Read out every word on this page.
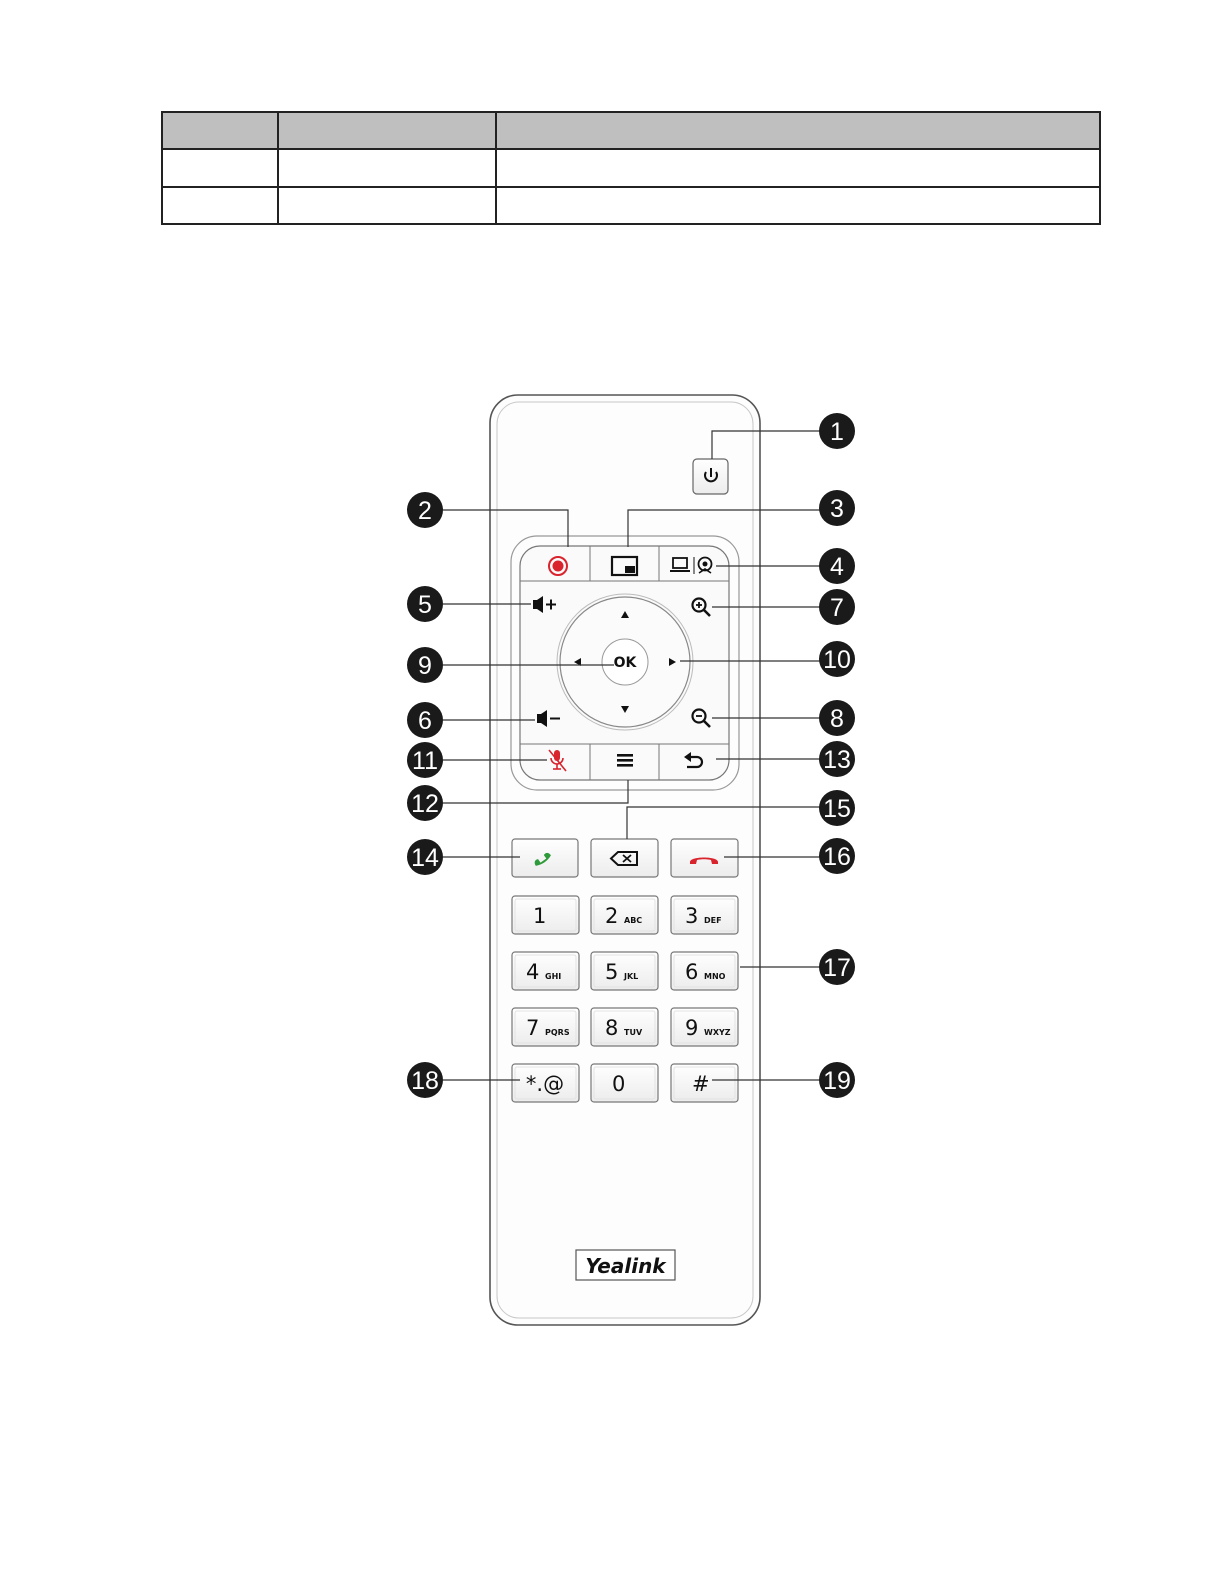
OK
1	2 ABC 3 DEF
4 GHI 5 JKL 6 MNO
7 PQRS 8 TUV 9 WXYZ
*.@ 0	#
Yealink
1
2	3
4
5
6
7
8
9	10
11
12
13
14
15
16
17
18	19
